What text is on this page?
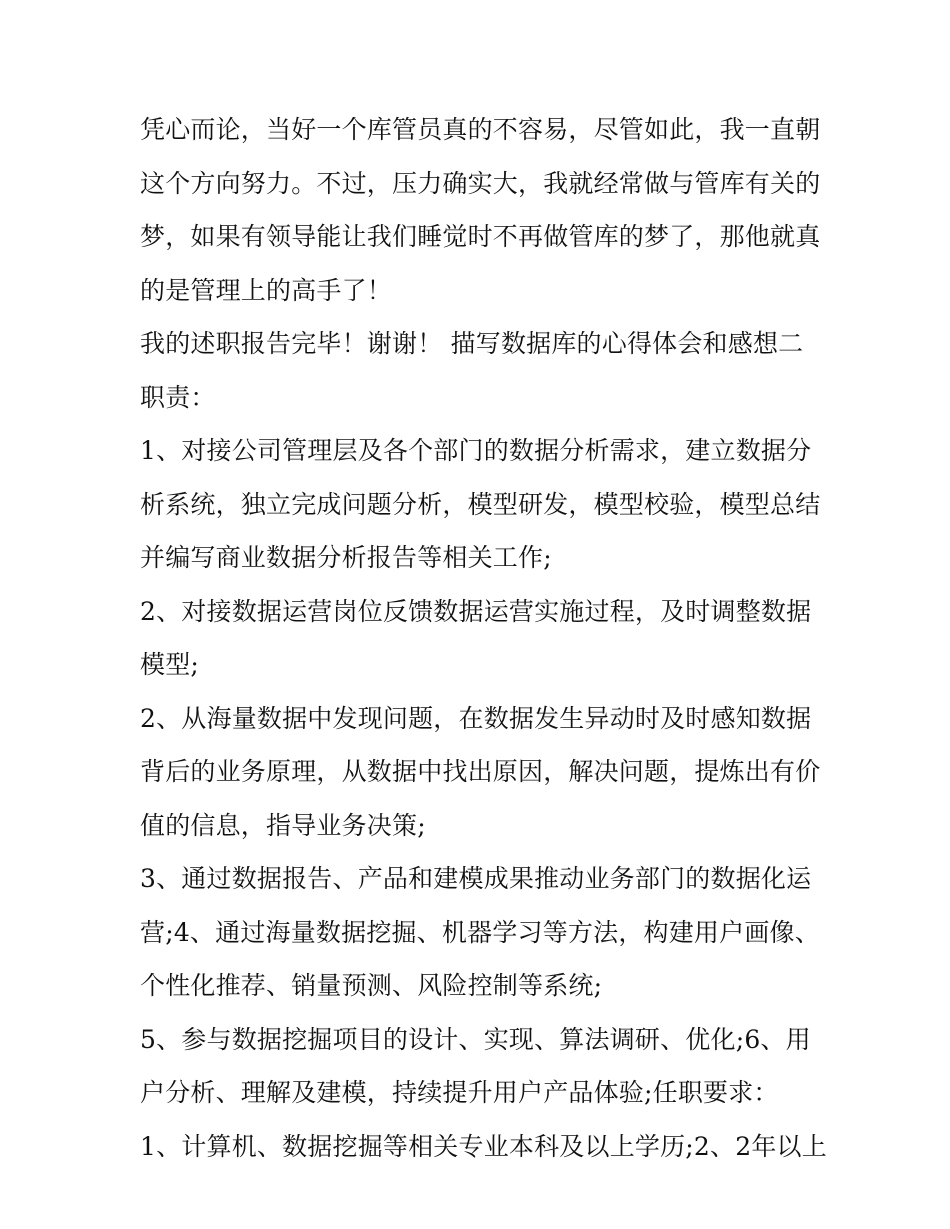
凭心而论，当好一个库管员真的不容易，尽管如此，我一直朝
这个方向努力。不过，压力确实大，我就经常做与管库有关的
梦，如果有领导能让我们睡觉时不再做管库的梦了，那他就真
的是管理上的高手了！
我的述职报告完毕！谢谢！ 描写数据库的心得体会和感想二
职责：
1、对接公司管理层及各个部门的数据分析需求，建立数据分
析系统，独立完成问题分析，模型研发，模型校验，模型总结
并编写商业数据分析报告等相关工作;
2、对接数据运营岗位反馈数据运营实施过程，及时调整数据
模型;
2、从海量数据中发现问题，在数据发生异动时及时感知数据
背后的业务原理，从数据中找出原因，解决问题，提炼出有价
值的信息，指导业务决策;
3、通过数据报告、产品和建模成果推动业务部门的数据化运
营;4、通过海量数据挖掘、机器学习等方法，构建用户画像、
个性化推荐、销量预测、风险控制等系统;
5、参与数据挖掘项目的设计、实现、算法调研、优化;6、用
户分析、理解及建模，持续提升用户产品体验;任职要求：
1、计算机、数据挖掘等相关专业本科及以上学历;2、2年以上
